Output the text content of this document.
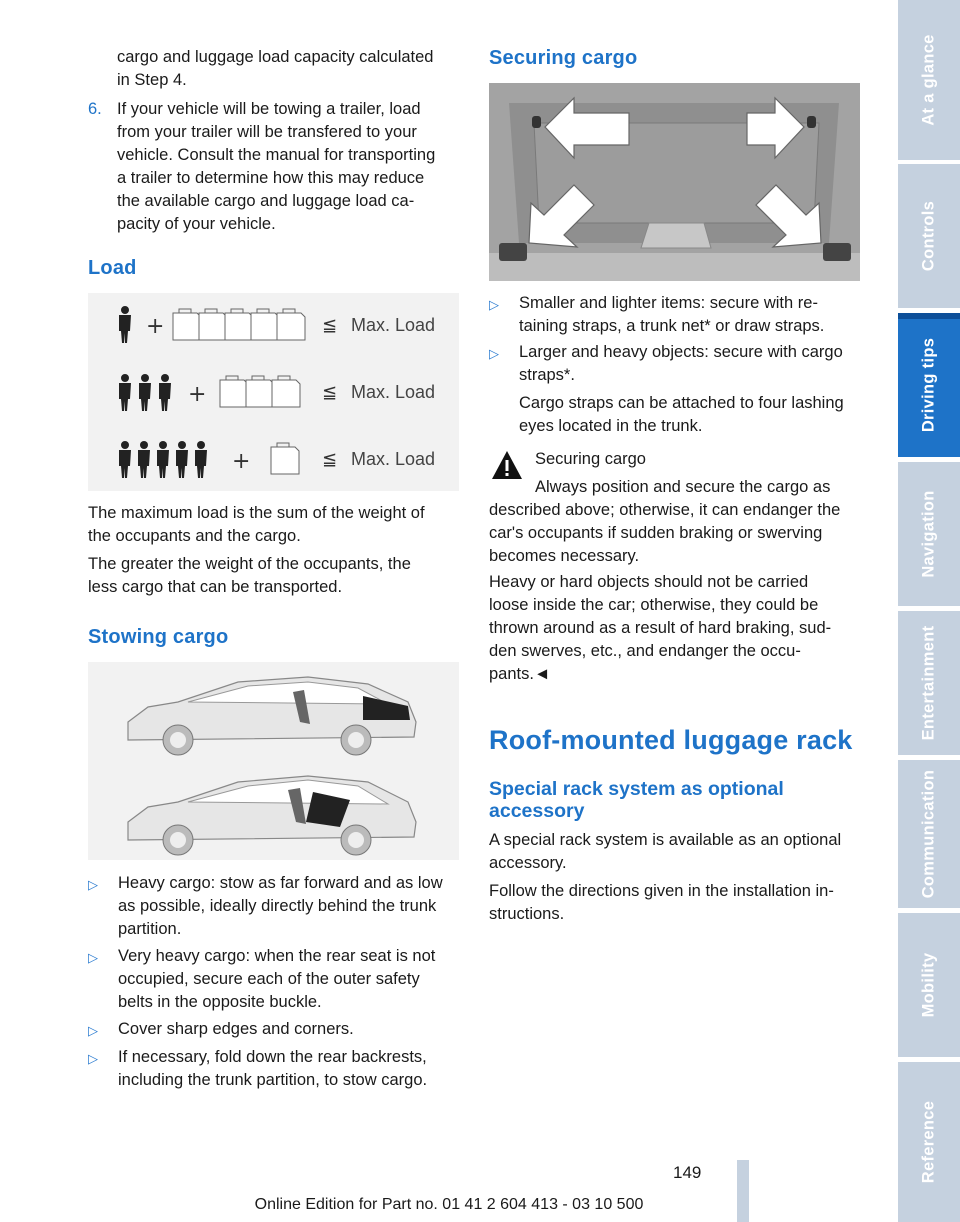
cargo and luggage load capacity calculated
in Step 4.
6. If your vehicle will be towing a trailer, load
from your trailer will be transfered to your
vehicle. Consult the manual for transporting
a trailer to determine how this may reduce
the available cargo and luggage load ca-
pacity of your vehicle.
Load
+	≦ Max. Load
+	≦ Max. Load
+	≦ Max. Load
The maximum load is the sum of the weight of
the occupants and the cargo.
The greater the weight of the occupants, the
less cargo that can be transported.
Stowing cargo
▷ Heavy cargo: stow as far forward and as low
as possible, ideally directly behind the trunk
partition.
▷ Very heavy cargo: when the rear seat is not
occupied, secure each of the outer safety
belts in the opposite buckle.
▷ Cover sharp edges and corners.
▷ If necessary, fold down the rear backrests,
including the trunk partition, to stow cargo.
Securing cargo
▷ Smaller and lighter items: secure with re-
taining straps, a trunk net* or draw straps.
▷ Larger and heavy objects: secure with cargo
straps*.
Cargo straps can be attached to four lashing
eyes located in the trunk.
Securing cargo
Always position and secure the cargo as
described above; otherwise, it can endanger the
car's occupants if sudden braking or swerving
becomes necessary.
Heavy or hard objects should not be carried
loose inside the car; otherwise, they could be
thrown around as a result of hard braking, sud-
den swerves, etc., and endanger the occu-
pants.◄
Roof-mounted luggage rack
Special rack system as optional
accessory
A special rack system is available as an optional
accessory.
Follow the directions given in the installation in-
structions.
At a glance
Controls
Driving tips
Navigation
Entertainment
Communication
Mobility
Reference
149
Online Edition for Part no. 01 41 2 604 413 - 03 10 500
